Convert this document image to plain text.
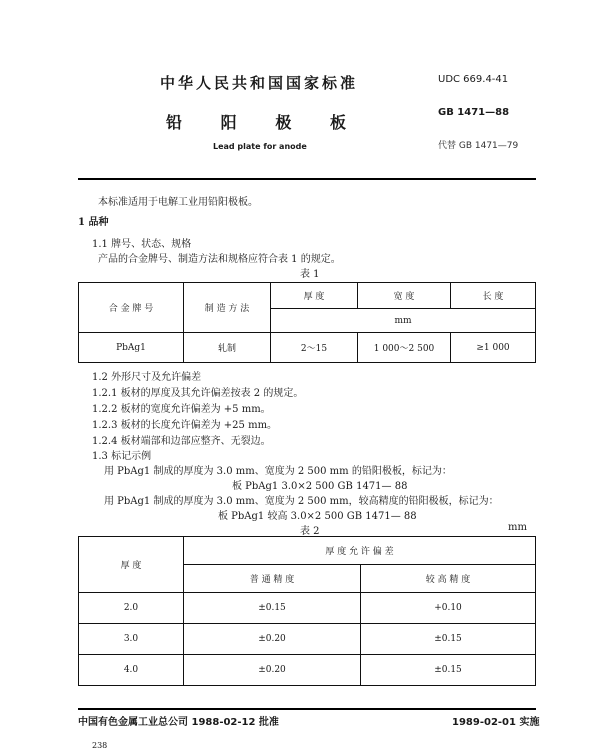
中华人民共和国国家标准	UDC 669.4-41
铅 阳 极 板
GB 1471—88
代替 GB 1471—79
Lead plate for anode
本标准适用于电解工业用铅阳极板。
1 品种
1.1 牌号、状态、规格
产品的合金牌号、制造方法和规格应符合表 1 的规定。
表 1
合 金 牌 号	制 造 方 法	厚 度	宽 度	长 度
		mm		
PbAg1	轧制	2～15	1 000～2 500	≥1 000
1.2 外形尺寸及允许偏差
1.2.1 板材的厚度及其允许偏差按表 2 的规定。
1.2.2 板材的宽度允许偏差为 +5 mm。
1.2.3 板材的长度允许偏差为 +25 mm。
1.2.4 板材端部和边部应整齐、无裂边。
1.3 标记示例
用 PbAg1 制成的厚度为 3.0 mm、宽度为 2 500 mm 的铅阳极板，标记为：
板 PbAg1 3.0×2 500 GB 1471— 88
用 PbAg1 制成的厚度为 3.0 mm、宽度为 2 500 mm，较高精度的铅阳极板，标记为：
板 PbAg1 较高 3.0×2 500 GB 1471— 88
表 2	mm
厚 度	厚 度 允 许 偏 差	
	普 通 精 度	较 高 精 度
2.0	±0.15	+0.10
3.0	±0.20	±0.15
4.0	±0.20	±0.15
中国有色金属工业总公司 1988-02-12 批准	1989-02-01 实施
238
